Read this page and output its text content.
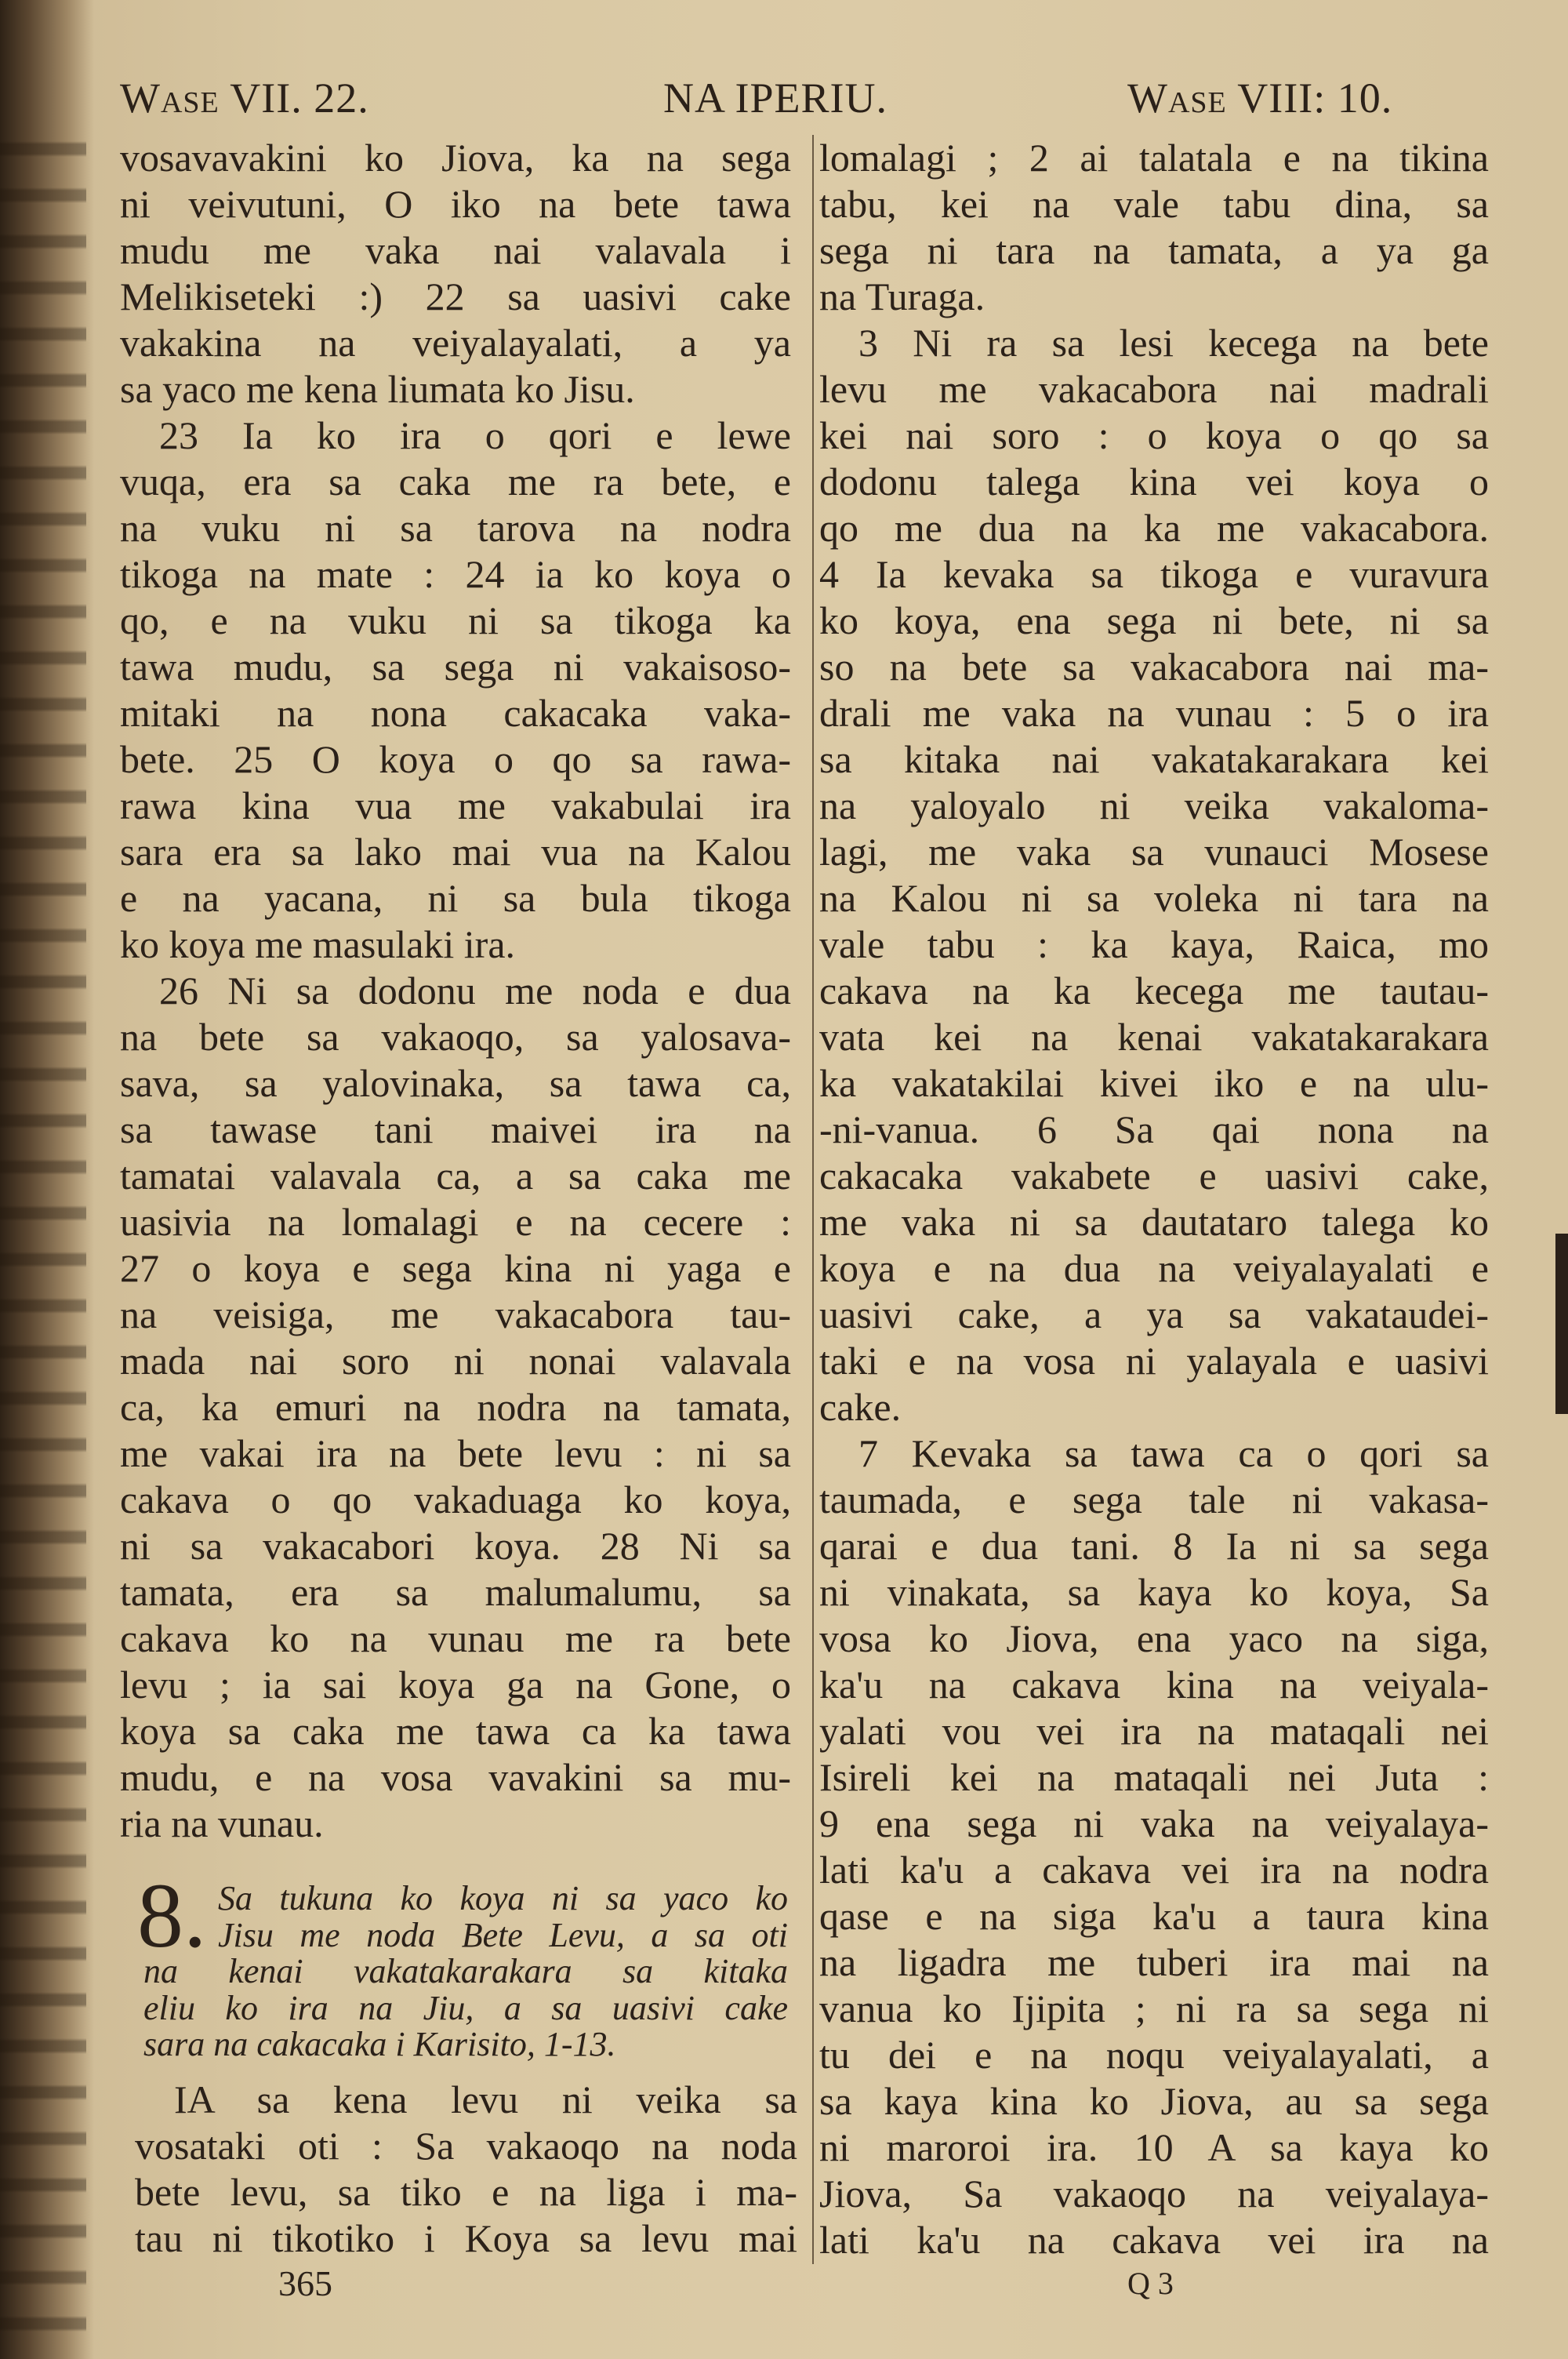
Wase VII. 22.	NA IPERIU.	Wase VIII: 10.
vosavavakini ko Jiova, ka na sega
ni veivutuni, O iko na bete tawa
mudu me vaka nai valavala i
Melikiseteki :) 22 sa uasivi cake
vakakina na veiyalayalati, a ya
sa yaco me kena liumata ko Jisu.
23 Ia ko ira o qori e lewe
vuqa, era sa caka me ra bete, e
na vuku ni sa tarova na nodra
tikoga na mate : 24 ia ko koya o
qo, e na vuku ni sa tikoga ka
tawa mudu, sa sega ni vakaisoso-
mitaki na nona cakacaka vaka-
bete. 25 O koya o qo sa rawa-
rawa kina vua me vakabulai ira
sara era sa lako mai vua na Kalou
e na yacana, ni sa bula tikoga
ko koya me masulaki ira.
26 Ni sa dodonu me noda e dua
na bete sa vakaoqo, sa yalosava-
sava, sa yalovinaka, sa tawa ca,
sa tawase tani maivei ira na
tamatai valavala ca, a sa caka me
uasivia na lomalagi e na cecere :
27 o koya e sega kina ni yaga e
na veisiga, me vakacabora tau-
mada nai soro ni nonai valavala
ca, ka emuri na nodra na tamata,
me vakai ira na bete levu : ni sa
cakava o qo vakaduaga ko koya,
ni sa vakacabori koya. 28 Ni sa
tamata, era sa malumalumu, sa
cakava ko na vunau me ra bete
levu ; ia sai koya ga na Gone, o
koya sa caka me tawa ca ka tawa
mudu, e na vosa vavakini sa mu-
ria na vunau.
8. Sa tukuna ko koya ni sa yaco ko
Jisu me noda Bete Levu, a sa oti
na kenai vakatakarakara sa kitaka
eliu ko ira na Jiu, a sa uasivi cake
sara na cakacaka i Karisito, 1-13.
IA sa kena levu ni veika sa
vosataki oti : Sa vakaoqo na noda
bete levu, sa tiko e na liga i ma-
tau ni tikotiko i Koya sa levu mai
lomalagi ; 2 ai talatala e na tikina
tabu, kei na vale tabu dina, sa
sega ni tara na tamata, a ya ga
na Turaga.
3 Ni ra sa lesi kecega na bete
levu me vakacabora nai madrali
kei nai soro : o koya o qo sa
dodonu talega kina vei koya o
qo me dua na ka me vakacabora.
4 Ia kevaka sa tikoga e vuravura
ko koya, ena sega ni bete, ni sa
so na bete sa vakacabora nai ma-
drali me vaka na vunau : 5 o ira
sa kitaka nai vakatakarakara kei
na yaloyalo ni veika vakaloma-
lagi, me vaka sa vunauci Mosese
na Kalou ni sa voleka ni tara na
vale tabu : ka kaya, Raica, mo
cakava na ka kecega me tautau-
vata kei na kenai vakatakarakara
ka vakatakilai kivei iko e na ulu-
-ni-vanua. 6 Sa qai nona na
cakacaka vakabete e uasivi cake,
me vaka ni sa dautataro talega ko
koya e na dua na veiyalayalati e
uasivi cake, a ya sa vakataudei-
taki e na vosa ni yalayala e uasivi
cake.
7 Kevaka sa tawa ca o qori sa
taumada, e sega tale ni vakasa-
qarai e dua tani. 8 Ia ni sa sega
ni vinakata, sa kaya ko koya, Sa
vosa ko Jiova, ena yaco na siga,
ka'u na cakava kina na veiyala-
yalati vou vei ira na mataqali nei
Isireli kei na mataqali nei Juta :
9 ena sega ni vaka na veiyalaya-
lati ka'u a cakava vei ira na nodra
qase e na siga ka'u a taura kina
na ligadra me tuberi ira mai na
vanua ko Ijipita ; ni ra sa sega ni
tu dei e na noqu veiyalayalati, a
sa kaya kina ko Jiova, au sa sega
ni maroroi ira. 10 A sa kaya ko
Jiova, Sa vakaoqo na veiyalaya-
lati ka'u na cakava vei ira na
365	Q 3
